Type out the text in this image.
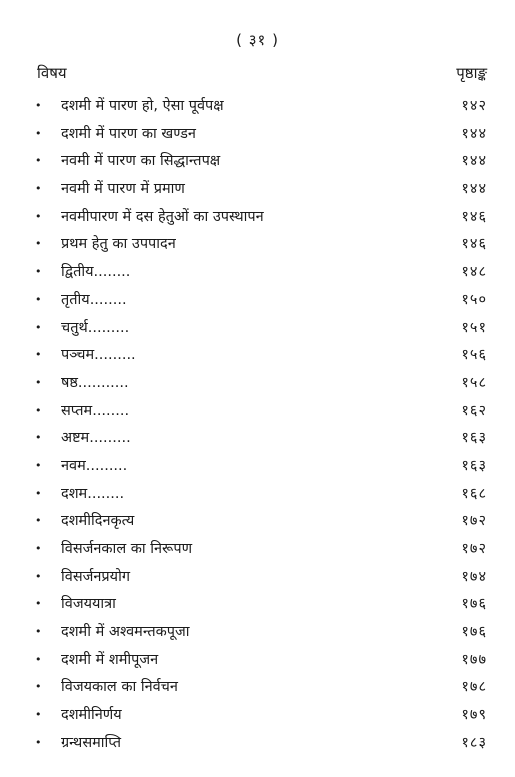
( ३१ )
विषय	पृष्ठाङ्क
• दशमी में पारण हो, ऐसा पूर्वपक्ष	१४२
• दशमी में पारण का खण्डन	१४४
• नवमी में पारण का सिद्धान्तपक्ष	१४४
• नवमी में पारण में प्रमाण	१४४
• नवमीपारण में दस हेतुओं का उपस्थापन	१४६
• प्रथम हेतु का उपपादन	१४६
• द्वितीय........	१४८
• तृतीय........	१५०
• चतुर्थ.........	१५१
• पञ्चम.........	१५६
• षष्ठ...........	१५८
• सप्तम........	१६२
• अष्टम.........	१६३
• नवम.........	१६३
• दशम........	१६८
• दशमीदिनकृत्य	१७२
• विसर्जनकाल का निरूपण	१७२
• विसर्जनप्रयोग	१७४
• विजययात्रा	१७६
• दशमी में अश्वमन्तकपूजा	१७६
• दशमी में शमीपूजन	१७७
• विजयकाल का निर्वचन	१७८
• दशमीनिर्णय	१७९
• ग्रन्थसमाप्ति	१८३
